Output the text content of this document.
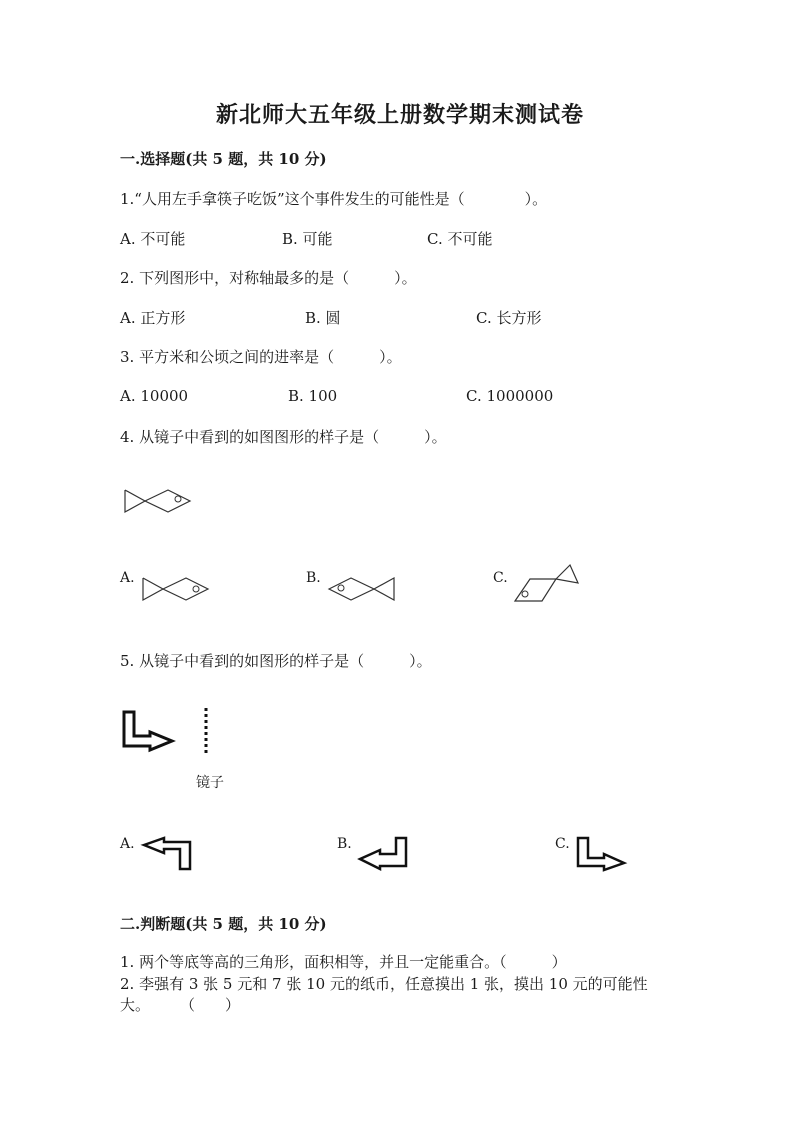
新北师大五年级上册数学期末测试卷
一.选择题(共 5 题，共 10 分)
1.“人用左手拿筷子吃饭”这个事件发生的可能性是（　　　　）。
A. 不可能	B. 可能	C. 不可能
2. 下列图形中，对称轴最多的是（　　　）。
A. 正方形	B. 圆	C. 长方形
3. 平方米和公顷之间的进率是（　　　）。
A. 10000	B. 100	C. 1000000
4. 从镜子中看到的如图图形的样子是（　　　）。
A.	B.	C.
5. 从镜子中看到的如图形的样子是（　　　）。
镜子
A.	B.	C.
二.判断题(共 5 题，共 10 分)
1. 两个等底等高的三角形，面积相等，并且一定能重合。（　　　）
2. 李强有 3 张 5 元和 7 张 10 元的纸币，任意摸出 1 张，摸出 10 元的可能性
大。　　　（　　）
